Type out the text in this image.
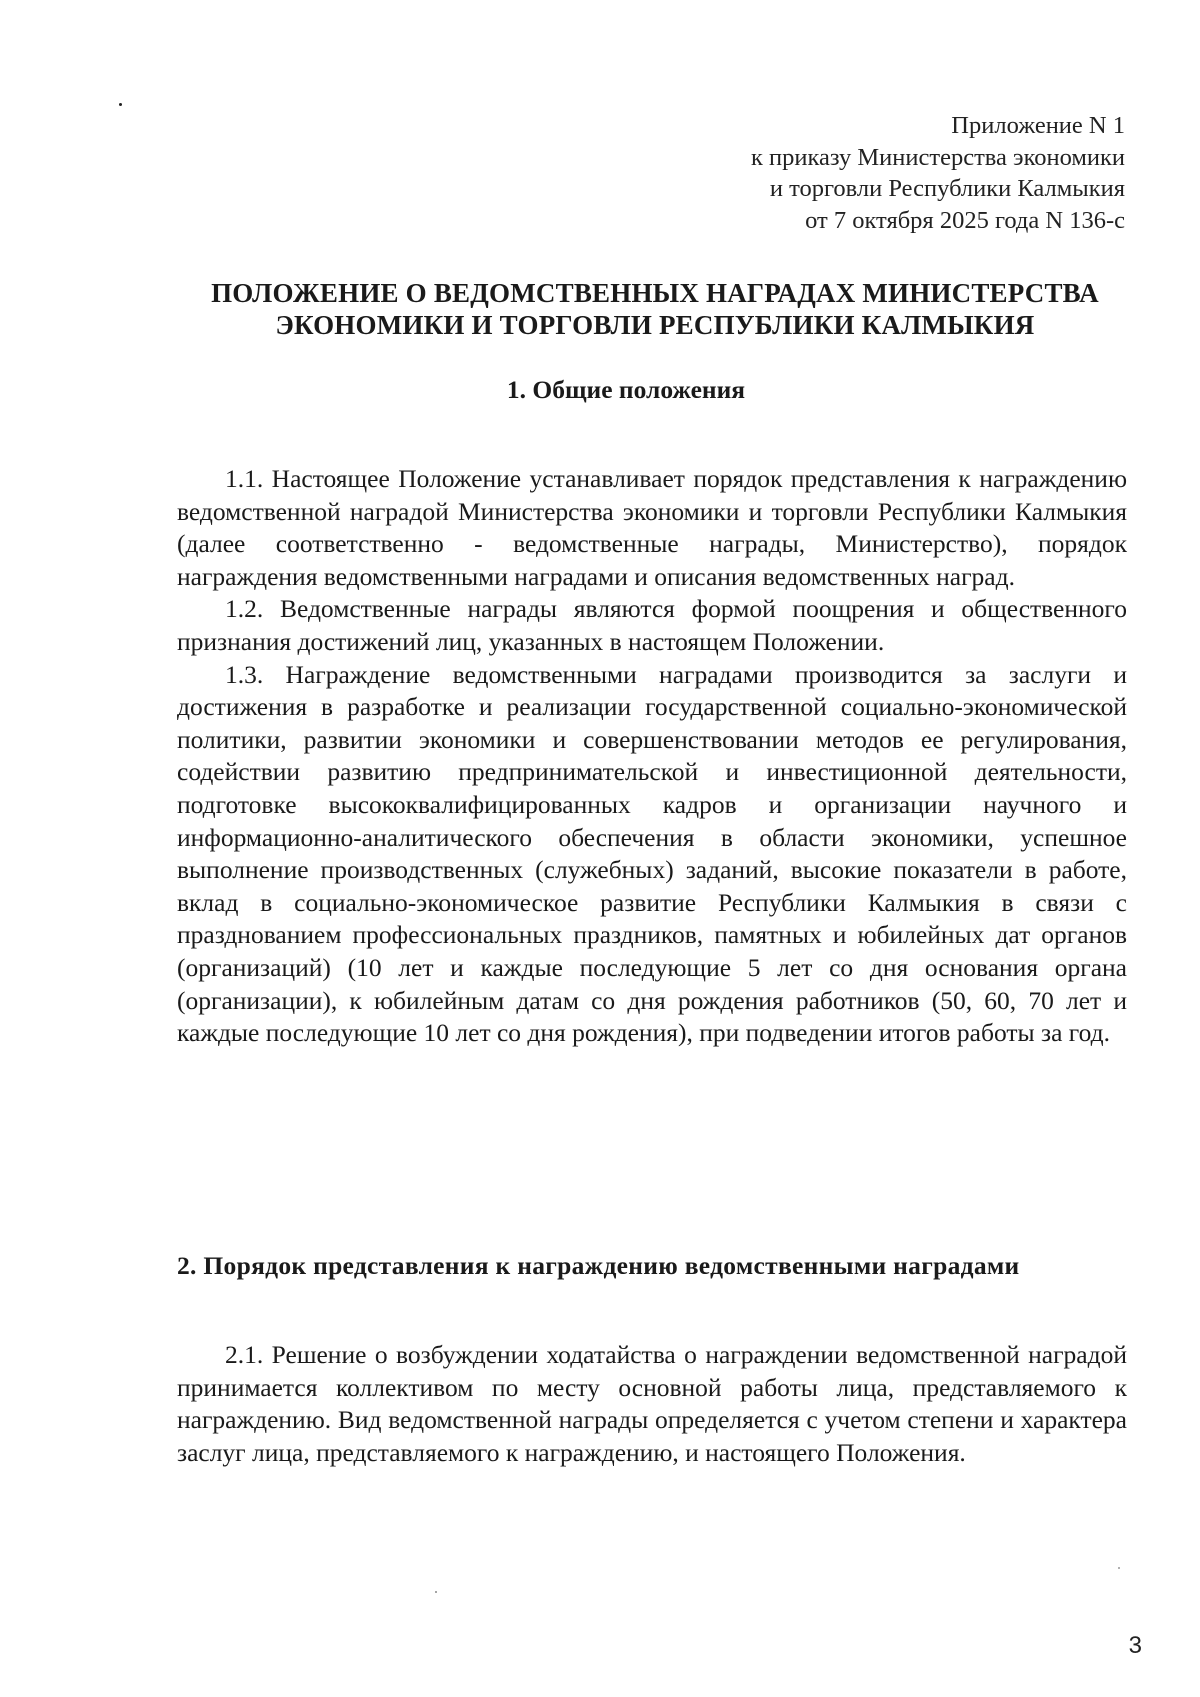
Приложение N 1
к приказу Министерства экономики
и торговли Республики Калмыкия
от 7 октября 2025 года N 136-с
ПОЛОЖЕНИЕ О ВЕДОМСТВЕННЫХ НАГРАДАХ МИНИСТЕРСТВА
ЭКОНОМИКИ И ТОРГОВЛИ РЕСПУБЛИКИ КАЛМЫКИЯ
1. Общие положения

1.1. Настоящее Положение устанавливает порядок представления к награждению ведомственной наградой Министерства экономики и торговли Республики Калмыкия (далее соответственно - ведомственные награды, Министерство), порядок награждения ведомственными наградами и описания ведомственных наград.

1.2. Ведомственные награды являются формой поощрения и общественного признания достижений лиц, указанных в настоящем Положении.

1.3. Награждение ведомственными наградами производится за заслуги и достижения в разработке и реализации государственной социально-экономической политики, развитии экономики и совершенствовании методов ее регулирования, содействии развитию предпринимательской и инвестиционной деятельности, подготовке высококвалифицированных кадров и организации научного и информационно-аналитического обеспечения в области экономики, успешное выполнение производственных (служебных) заданий, высокие показатели в работе, вклад в социально-экономическое развитие Республики Калмыкия в связи с празднованием профессиональных праздников, памятных и юбилейных дат органов (организаций) (10 лет и каждые последующие 5 лет со дня основания органа (организации), к юбилейным датам со дня рождения работников (50, 60, 70 лет и каждые последующие 10 лет со дня рождения), при подведении итогов работы за год.

2. Порядок представления к награждению ведомственными наградами

2.1. Решение о возбуждении ходатайства о награждении ведомственной наградой принимается коллективом по месту основной работы лица, представляемого к награждению. Вид ведомственной награды определяется с учетом степени и характера заслуг лица, представляемого к награждению, и настоящего Положения.

3
